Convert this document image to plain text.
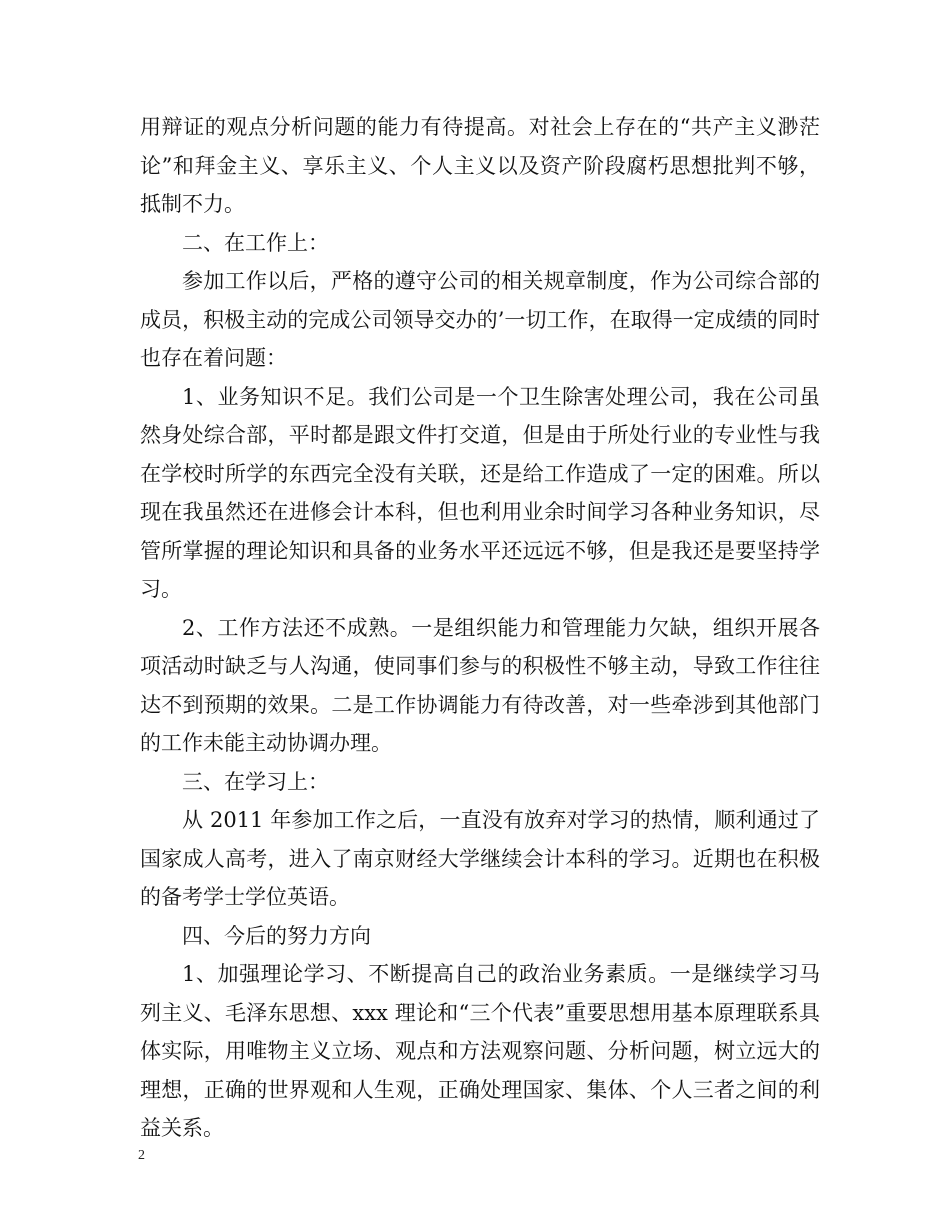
用辩证的观点分析问题的能力有待提高。对社会上存在的“共产主义渺茫论”和拜金主义、享乐主义、个人主义以及资产阶段腐朽思想批判不够，抵制不力。

二、在工作上：

参加工作以后，严格的遵守公司的相关规章制度，作为公司综合部的成员，积极主动的完成公司领导交办的’一切工作，在取得一定成绩的同时也存在着问题：

1、业务知识不足。我们公司是一个卫生除害处理公司，我在公司虽然身处综合部，平时都是跟文件打交道，但是由于所处行业的专业性与我在学校时所学的东西完全没有关联，还是给工作造成了一定的困难。所以现在我虽然还在进修会计本科，但也利用业余时间学习各种业务知识，尽管所掌握的理论知识和具备的业务水平还远远不够，但是我还是要坚持学习。

2、工作方法还不成熟。一是组织能力和管理能力欠缺，组织开展各项活动时缺乏与人沟通，使同事们参与的积极性不够主动，导致工作往往达不到预期的效果。二是工作协调能力有待改善，对一些牵涉到其他部门的工作未能主动协调办理。

三、在学习上：

从 2011 年参加工作之后，一直没有放弃对学习的热情，顺利通过了国家成人高考，进入了南京财经大学继续会计本科的学习。近期也在积极的备考学士学位英语。

四、今后的努力方向

1、加强理论学习、不断提高自己的政治业务素质。一是继续学习马列主义、毛泽东思想、xxx 理论和“三个代表”重要思想用基本原理联系具体实际，用唯物主义立场、观点和方法观察问题、分析问题，树立远大的理想，正确的世界观和人生观，正确处理国家、集体、个人三者之间的利益关系。

2
